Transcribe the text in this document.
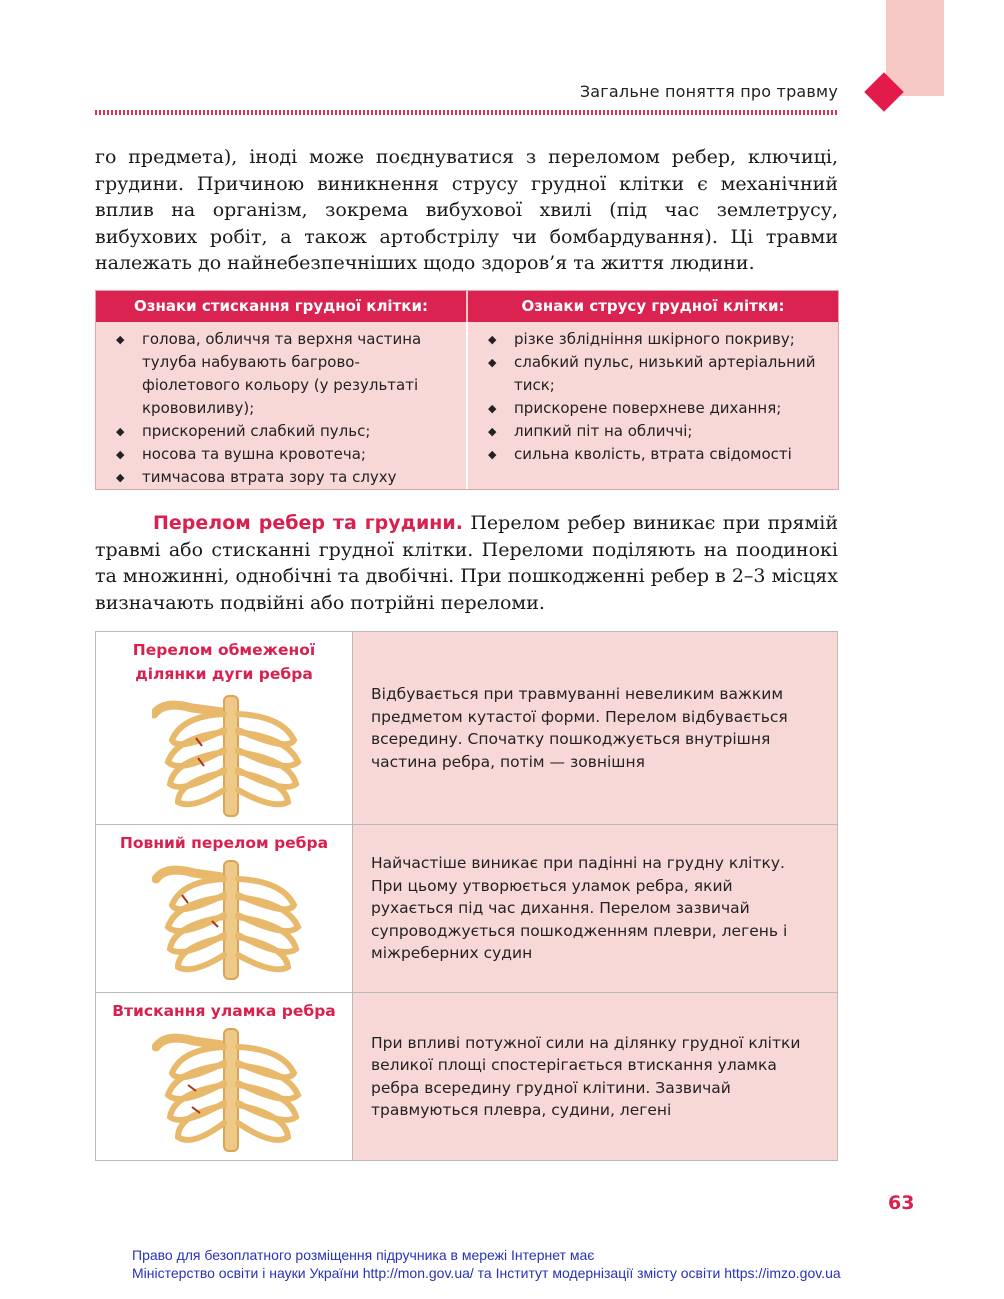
Загальне поняття про травму

го предмета), іноді може поєднуватися з переломом ребер, ключиці, грудини. Причиною виникнення струсу грудної клітки є механічний вплив на організм, зокрема вибухової хвилі (під час землетрусу, вибухових робіт, а також артобстрілу чи бомбардування). Ці травми належать до найнебезпечніших щодо здоров’я та життя людини.

Ознаки стискання грудної клітки:	Ознаки струсу грудної клітки:
◆ голова, обличчя та верхня частина тулуба набувають багрово-фіолетового кольору (у результаті крововиливу);
◆ прискорений слабкий пульс;
◆ носова та вушна кровотеча;
◆ тимчасова втрата зору та слуху
◆ різке зблідніння шкірного покриву;
◆ слабкий пульс, низький артеріальний тиск;
◆ прискорене поверхневе дихання;
◆ липкий піт на обличчі;
◆ сильна кволість, втрата свідомості

Перелом ребер та грудини. Перелом ребер виникає при прямій травмі або стисканні грудної клітки. Переломи поділяють на поодинокі та множинні, однобічні та двобічні. При пошкодженні ребер в 2–3 місцях визначають подвійні або потрійні переломи.

Перелом обмеженої ділянки дуги ребра

Відбувається при травмуванні невеликим важким предметом кутастої форми. Перелом відбувається всередину. Спочатку пошкоджується внутрішня частина ребра, потім — зовнішня

Повний перелом ребра

Найчастіше виникає при падінні на грудну клітку. При цьому утворюється уламок ребра, який рухається під час дихання. Перелом зазвичай супроводжується пошкодженням плеври, легень і міжреберних судин

Втискання уламка ребра

При впливі потужної сили на ділянку грудної клітки великої площі спостерігається втискання уламка ребра всередину грудної клітини. Зазвичай травмуються плевра, судини, легені

63
Право для безоплатного розміщення підручника в мережі Інтернет має
Міністерство освіти і науки України http://mon.gov.ua/ та Інститут модернізації змісту освіти https://imzo.gov.ua
